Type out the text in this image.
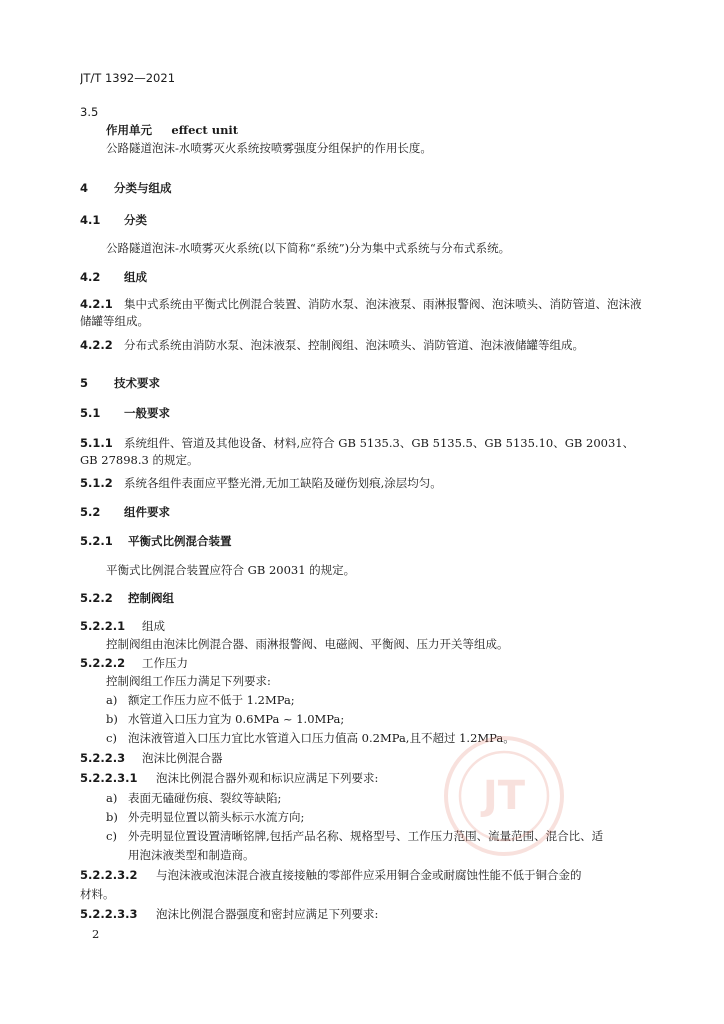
JT/T 1392—2021
3.5
作用单元 effect unit
公路隧道泡沫-水喷雾灭火系统按喷雾强度分组保护的作用长度。
4 分类与组成
4.1 分类
公路隧道泡沫-水喷雾灭火系统(以下简称“系统”)分为集中式系统与分布式系统。
4.2 组成
4.2.1 集中式系统由平衡式比例混合装置、消防水泵、泡沫液泵、雨淋报警阀、泡沫喷头、消防管道、泡沫液储罐等组成。
4.2.2 分布式系统由消防水泵、泡沫液泵、控制阀组、泡沫喷头、消防管道、泡沫液储罐等组成。
5 技术要求
5.1 一般要求
5.1.1 系统组件、管道及其他设备、材料,应符合 GB 5135.3、GB 5135.5、GB 5135.10、GB 20031、GB 27898.3 的规定。
5.1.2 系统各组件表面应平整光滑,无加工缺陷及碰伤划痕,涂层均匀。
5.2 组件要求
5.2.1 平衡式比例混合装置
平衡式比例混合装置应符合 GB 20031 的规定。
5.2.2 控制阀组
5.2.2.1 组成
控制阀组由泡沫比例混合器、雨淋报警阀、电磁阀、平衡阀、压力开关等组成。
5.2.2.2 工作压力
控制阀组工作压力满足下列要求:
a) 额定工作压力应不低于 1.2MPa;
b) 水管道入口压力宜为 0.6MPa ~ 1.0MPa;
c) 泡沫液管道入口压力宜比水管道入口压力值高 0.2MPa,且不超过 1.2MPa。
5.2.2.3 泡沫比例混合器
5.2.2.3.1 泡沫比例混合器外观和标识应满足下列要求:
a) 表面无磕碰伤痕、裂纹等缺陷;
b) 外壳明显位置以箭头标示水流方向;
c) 外壳明显位置设置清晰铭牌,包括产品名称、规格型号、工作压力范围、流量范围、混合比、适
用泡沫液类型和制造商。
5.2.2.3.2 与泡沫液或泡沫混合液直接接触的零部件应采用铜合金或耐腐蚀性能不低于铜合金的
材料。
5.2.2.3.3 泡沫比例混合器强度和密封应满足下列要求:
2
JT
